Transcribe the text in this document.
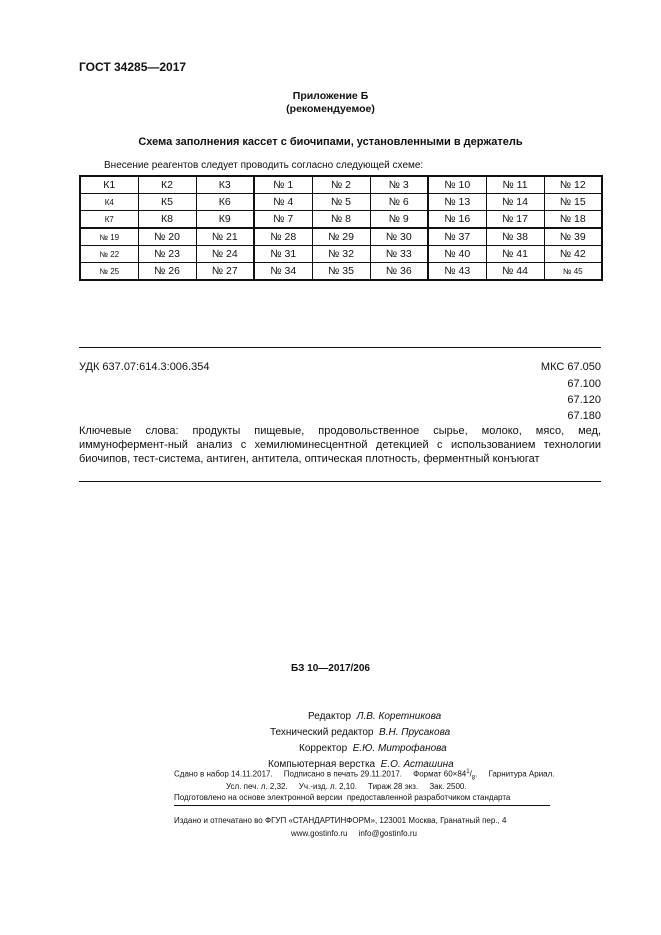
ГОСТ 34285—2017
Приложение Б
(рекомендуемое)
Схема заполнения кассет с биочипами, установленными в держатель
Внесение реагентов следует проводить согласно следующей схеме:
К1	К2	К3	№ 1	№ 2	№ 3	№ 10	№ 11	№ 12
К4	К5	К6	№ 4	№ 5	№ 6	№ 13	№ 14	№ 15
К7	К8	К9	№ 7	№ 8	№ 9	№ 16	№ 17	№ 18
№ 19	№ 20	№ 21	№ 28	№ 29	№ 30	№ 37	№ 38	№ 39
№ 22	№ 23	№ 24	№ 31	№ 32	№ 33	№ 40	№ 41	№ 42
№ 25	№ 26	№ 27	№ 34	№ 35	№ 36	№ 43	№ 44	№ 45
УДК 637.07:614.3:006.354	МКС 67.050
67.100
67.120
67.180
Ключевые слова: продукты пищевые, продовольственное сырье, молоко, мясо, мед, иммунофермент-ный анализ с хемилюминесцентной детекцией с использованием технологии биочипов, тест-система, антиген, антитела, оптическая плотность, ферментный конъюгат
БЗ 10—2017/206
Редактор Л.В. Коретникова
Технический редактор В.Н. Прусакова
Корректор Е.Ю. Митрофанова
Компьютерная верстка Е.О. Асташина
Сдано в набор 14.11.2017.     Подписано в печать 29.11.2017.     Формат $60\times 84^1/_8$.     Гарнитура Ариал.
Усл. печ. л. 2,32.     Уч.-изд. л. 2,10.     Тираж 28 экз.     Зак. 2500.
Подготовлено на основе электронной версии  предоставленной разработчиком стандарта
Издано и отпечатано во ФГУП «СТАНДАРТИНФОРМ», 123001 Москва, Гранатный пер., 4
www.gostinfo.ru     info@gostinfo.ru
